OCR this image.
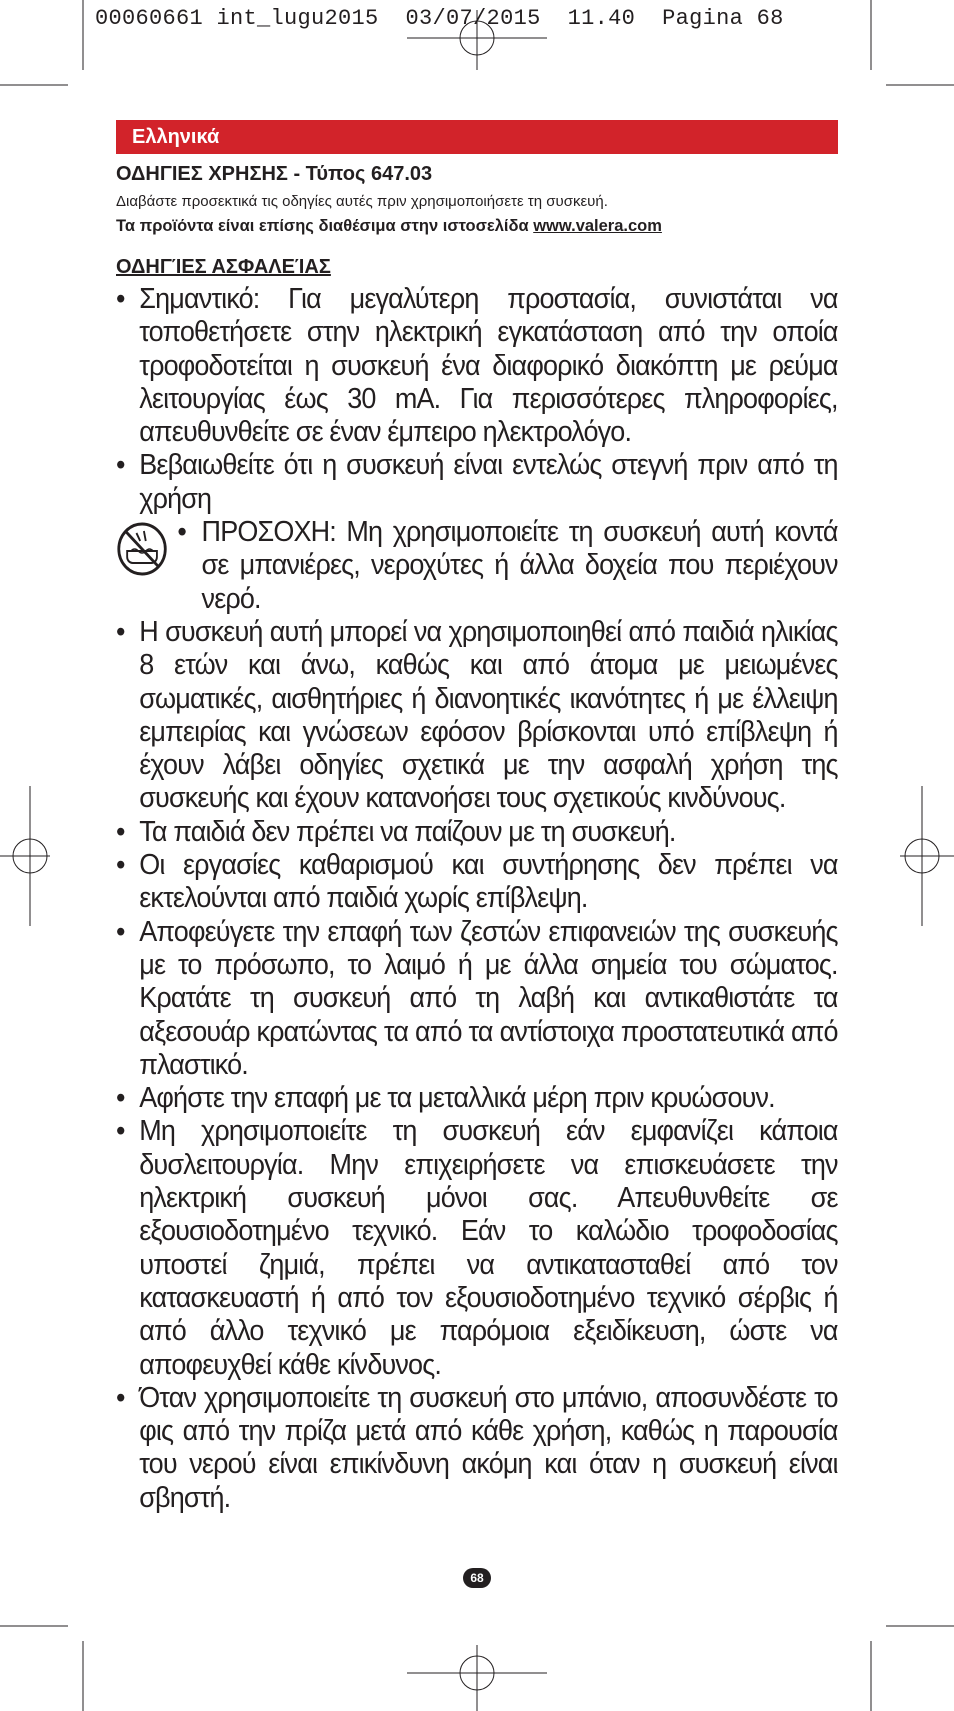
00060661 int_lugu2015  03/07/2015  11.40  Pagina 68
Ελληνικά
ΟΔΗΓΙΕΣ ΧΡΗΣΗΣ - Τύπος 647.03
Διαβάστε προσεκτικά τις οδηγίες αυτές πριν χρησιμοποιήσετε τη συσκευή.
Τα προϊόντα είναι επίσης διαθέσιμα στην ιστοσελίδα www.valera.com
ΟΔΗΓΊΕΣ ΑΣΦΑΛΕΊΑΣ
• Σημαντικό: Για μεγαλύτερη προστασία, συνιστάται να τοποθετήσετε στην ηλεκτρική εγκατάσταση από την οποία τροφοδοτείται η συσκευή ένα διαφορικό διακόπτη με ρεύμα λειτουργίας έως 30 mA. Για περισσότερες πληροφορίες, απευθυνθείτε σε έναν έμπειρο ηλεκτρολόγο.
• Βεβαιωθείτε ότι η συσκευή είναι εντελώς στεγνή πριν από τη χρήση
• ΠΡΟΣΟΧΗ: Μη χρησιμοποιείτε τη συσκευή αυτή κοντά σε μπανιέρες, νεροχύτες ή άλλα δοχεία που περιέχουν νερό.
• Η συσκευή αυτή μπορεί να χρησιμοποιηθεί από παιδιά ηλικίας 8 ετών και άνω, καθώς και από άτομα με μειωμένες σωματικές, αισθητήριες ή διανοητικές ικανότητες ή με έλλειψη εμπειρίας και γνώσεων εφόσον βρίσκονται υπό επίβλεψη ή έχουν λάβει οδηγίες σχετικά με την ασφαλή χρήση της συσκευής και έχουν κατανοήσει τους σχετικούς κινδύνους.
• Τα παιδιά δεν πρέπει να παίζουν με τη συσκευή.
• Οι εργασίες καθαρισμού και συντήρησης δεν πρέπει να εκτελούνται από παιδιά χωρίς επίβλεψη.
• Αποφεύγετε την επαφή των ζεστών επιφανειών της συσκευής με το πρόσωπο, το λαιμό ή με άλλα σημεία του σώματος. Κρατάτε τη συσκευή από τη λαβή και αντικαθιστάτε τα αξεσουάρ κρατώντας τα από τα αντίστοιχα προστατευτικά από πλαστικό.
• Αφήστε την επαφή με τα μεταλλικά μέρη πριν κρυώσουν.
• Μη χρησιμοποιείτε τη συσκευή εάν εμφανίζει κάποια δυσλειτουργία. Μην επιχειρήσετε να επισκευάσετε την ηλεκτρική συσκευή μόνοι σας. Απευθυνθείτε σε εξουσιοδοτημένο τεχνικό. Εάν το καλώδιο τροφοδοσίας υποστεί ζημιά, πρέπει να αντικατασταθεί από τον κατασκευαστή ή από τον εξουσιοδοτημένο τεχνικό σέρβις ή από άλλο τεχνικό με παρόμοια εξειδίκευση, ώστε να αποφευχθεί κάθε κίνδυνος.
• Όταν χρησιμοποιείτε τη συσκευή στο μπάνιο, αποσυνδέστε το φις από την πρίζα μετά από κάθε χρήση, καθώς η παρουσία του νερού είναι επικίνδυνη ακόμη και όταν η συσκευή είναι σβηστή.
68
